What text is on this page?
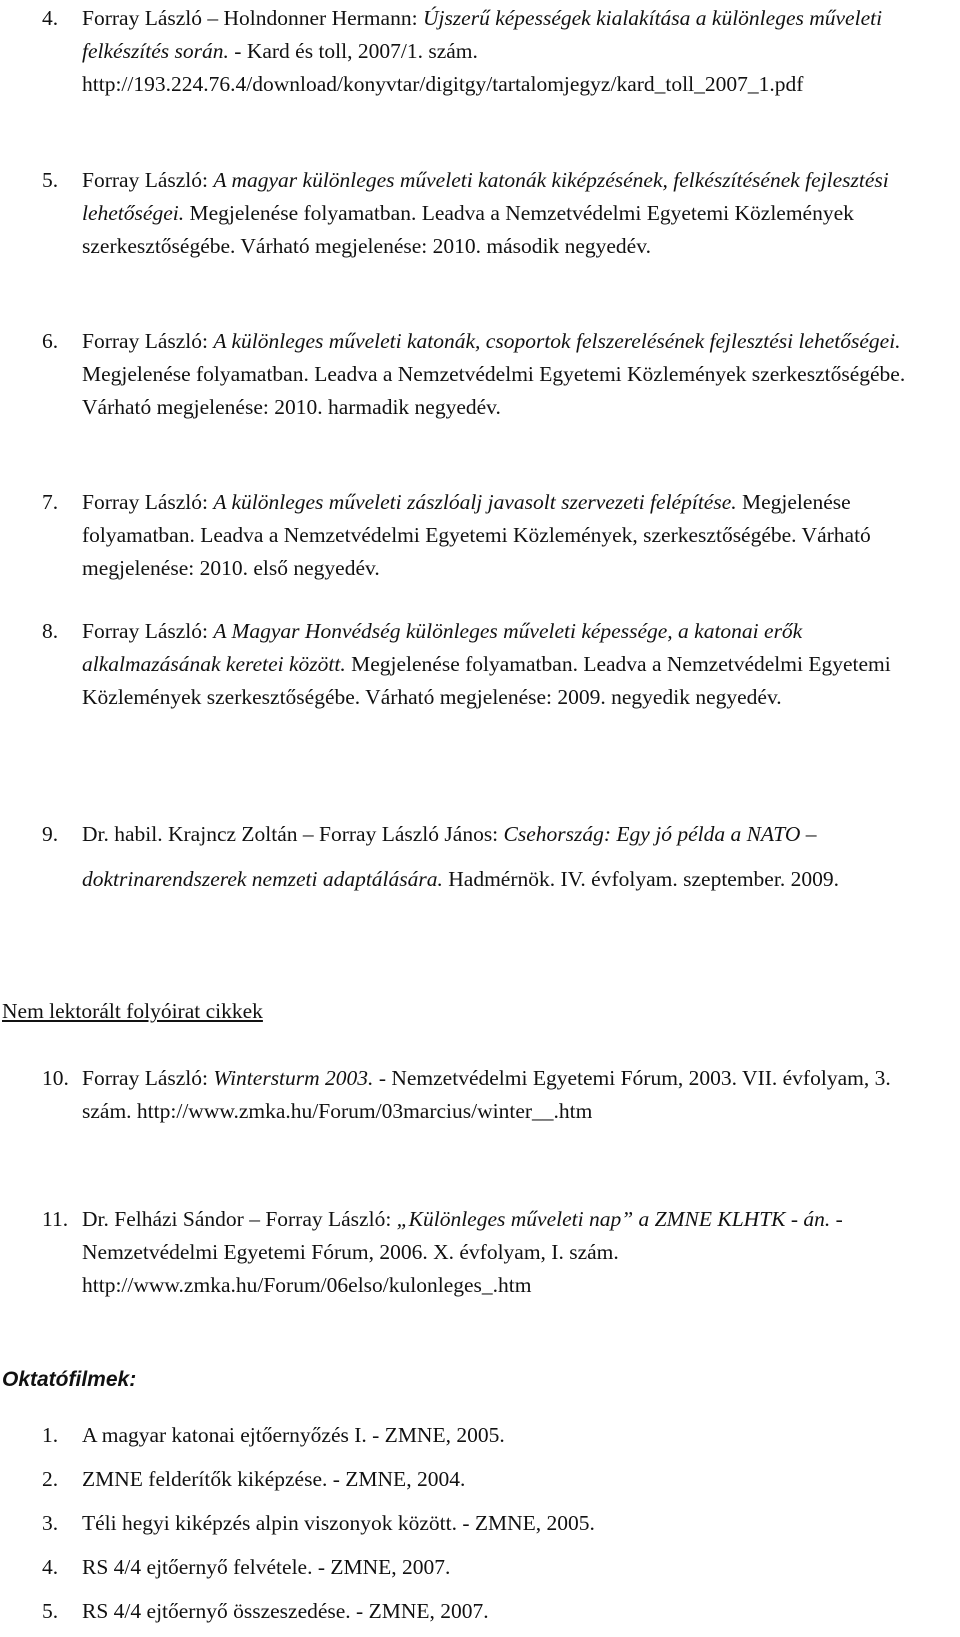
4. Forray László – Holndonner Hermann: Újszerű képességek kialakítása a különleges műveleti felkészítés során. - Kard és toll, 2007/1. szám. http://193.224.76.4/download/konyvtar/digitgy/tartalomjegyz/kard_toll_2007_1.pdf
5. Forray László: A magyar különleges műveleti katonák kiképzésének, felkészítésének fejlesztési lehetőségei. Megjelenése folyamatban. Leadva a Nemzetvédelmi Egyetemi Közlemények szerkesztőségébe. Várható megjelenése: 2010. második negyedév.
6. Forray László: A különleges műveleti katonák, csoportok felszerelésének fejlesztési lehetőségei. Megjelenése folyamatban. Leadva a Nemzetvédelmi Egyetemi Közlemények szerkesztőségébe. Várható megjelenése: 2010. harmadik negyedév.
7. Forray László: A különleges műveleti zászlóalj javasolt szervezeti felépítése. Megjelenése folyamatban. Leadva a Nemzetvédelmi Egyetemi Közlemények, szerkesztőségébe. Várható megjelenése: 2010. első negyedév.
8. Forray László: A Magyar Honvédség különleges műveleti képessége, a katonai erők alkalmazásának keretei között. Megjelenése folyamatban. Leadva a Nemzetvédelmi Egyetemi Közlemények szerkesztőségébe. Várható megjelenése: 2009. negyedik negyedév.
9. Dr. habil. Krajncz Zoltán – Forray László János: Csehország: Egy jó példa a NATO –doktrinarendszerek nemzeti adaptálására. Hadmérnök. IV. évfolyam. szeptember. 2009.
Nem lektorált folyóirat cikkek
10. Forray László: Wintersturm 2003. - Nemzetvédelmi Egyetemi Fórum, 2003. VII. évfolyam, 3. szám. http://www.zmka.hu/Forum/03marcius/winter__.htm
11. Dr. Felházi Sándor – Forray László: „Különleges műveleti nap” a ZMNE KLHTK - án. - Nemzetvédelmi Egyetemi Fórum, 2006. X. évfolyam, I. szám. http://www.zmka.hu/Forum/06elso/kulonleges_.htm
Oktatófilmek:
1. A magyar katonai ejtőernyőzés I. - ZMNE, 2005.
2. ZMNE felderítők kiképzése. - ZMNE, 2004.
3. Téli hegyi kiképzés alpin viszonyok között. - ZMNE, 2005.
4. RS 4/4 ejtőernyő felvétele. - ZMNE, 2007.
5. RS 4/4 ejtőernyő összeszedése. - ZMNE, 2007.
